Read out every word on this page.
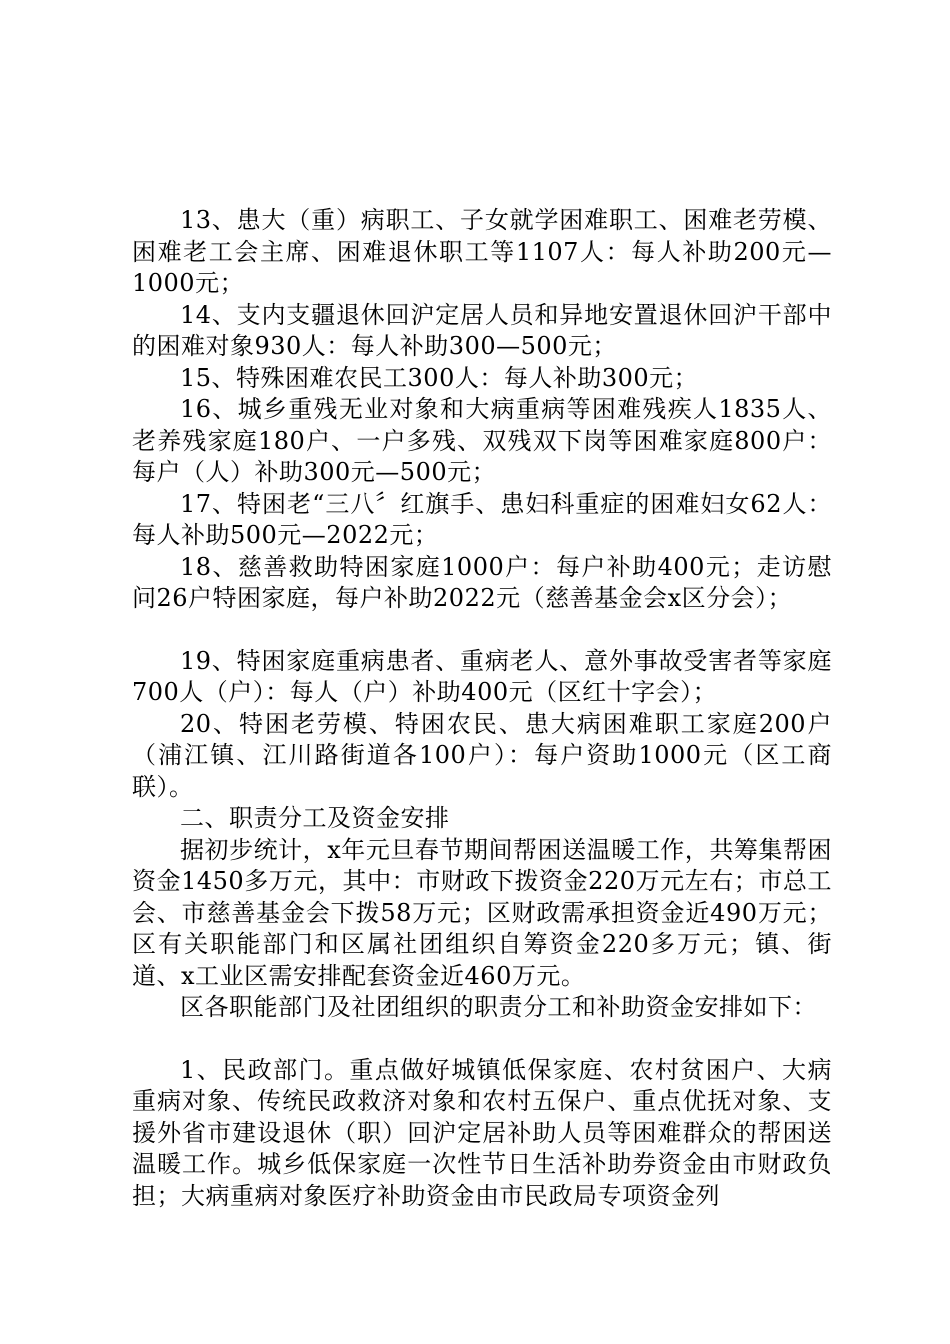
13、患大（重）病职工、子女就学困难职工、困难老劳模、困难老工会主席、困难退休职工等1107人：每人补助200元—1000元；

14、支内支疆退休回沪定居人员和异地安置退休回沪干部中的困难对象930人：每人补助300—500元；

15、特殊困难农民工300人：每人补助300元；

16、城乡重残无业对象和大病重病等困难残疾人1835人、老养残家庭180户、一户多残、双残双下岗等困难家庭800户：每户（人）补助300元—500元；

17、特困老“三八〞红旗手、患妇科重症的困难妇女62人：每人补助500元—2022元；

18、慈善救助特困家庭1000户：每户补助400元；走访慰问26户特困家庭，每户补助2022元（慈善基金会x区分会）；

19、特困家庭重病患者、重病老人、意外事故受害者等家庭700人（户）：每人（户）补助400元（区红十字会）；

20、特困老劳模、特困农民、患大病困难职工家庭200户（浦江镇、江川路街道各100户）：每户资助1000元（区工商联）。

二、职责分工及资金安排

据初步统计，x年元旦春节期间帮困送温暖工作，共筹集帮困资金1450多万元，其中：市财政下拨资金220万元左右；市总工会、市慈善基金会下拨58万元；区财政需承担资金近490万元；区有关职能部门和区属社团组织自筹资金220多万元；镇、街道、x工业区需安排配套资金近460万元。

区各职能部门及社团组织的职责分工和补助资金安排如下：

1、民政部门。重点做好城镇低保家庭、农村贫困户、大病重病对象、传统民政救济对象和农村五保户、重点优抚对象、支援外省市建设退休（职）回沪定居补助人员等困难群众的帮困送温暖工作。城乡低保家庭一次性节日生活补助券资金由市财政负担；大病重病对象医疗补助资金由市民政局专项资金列
